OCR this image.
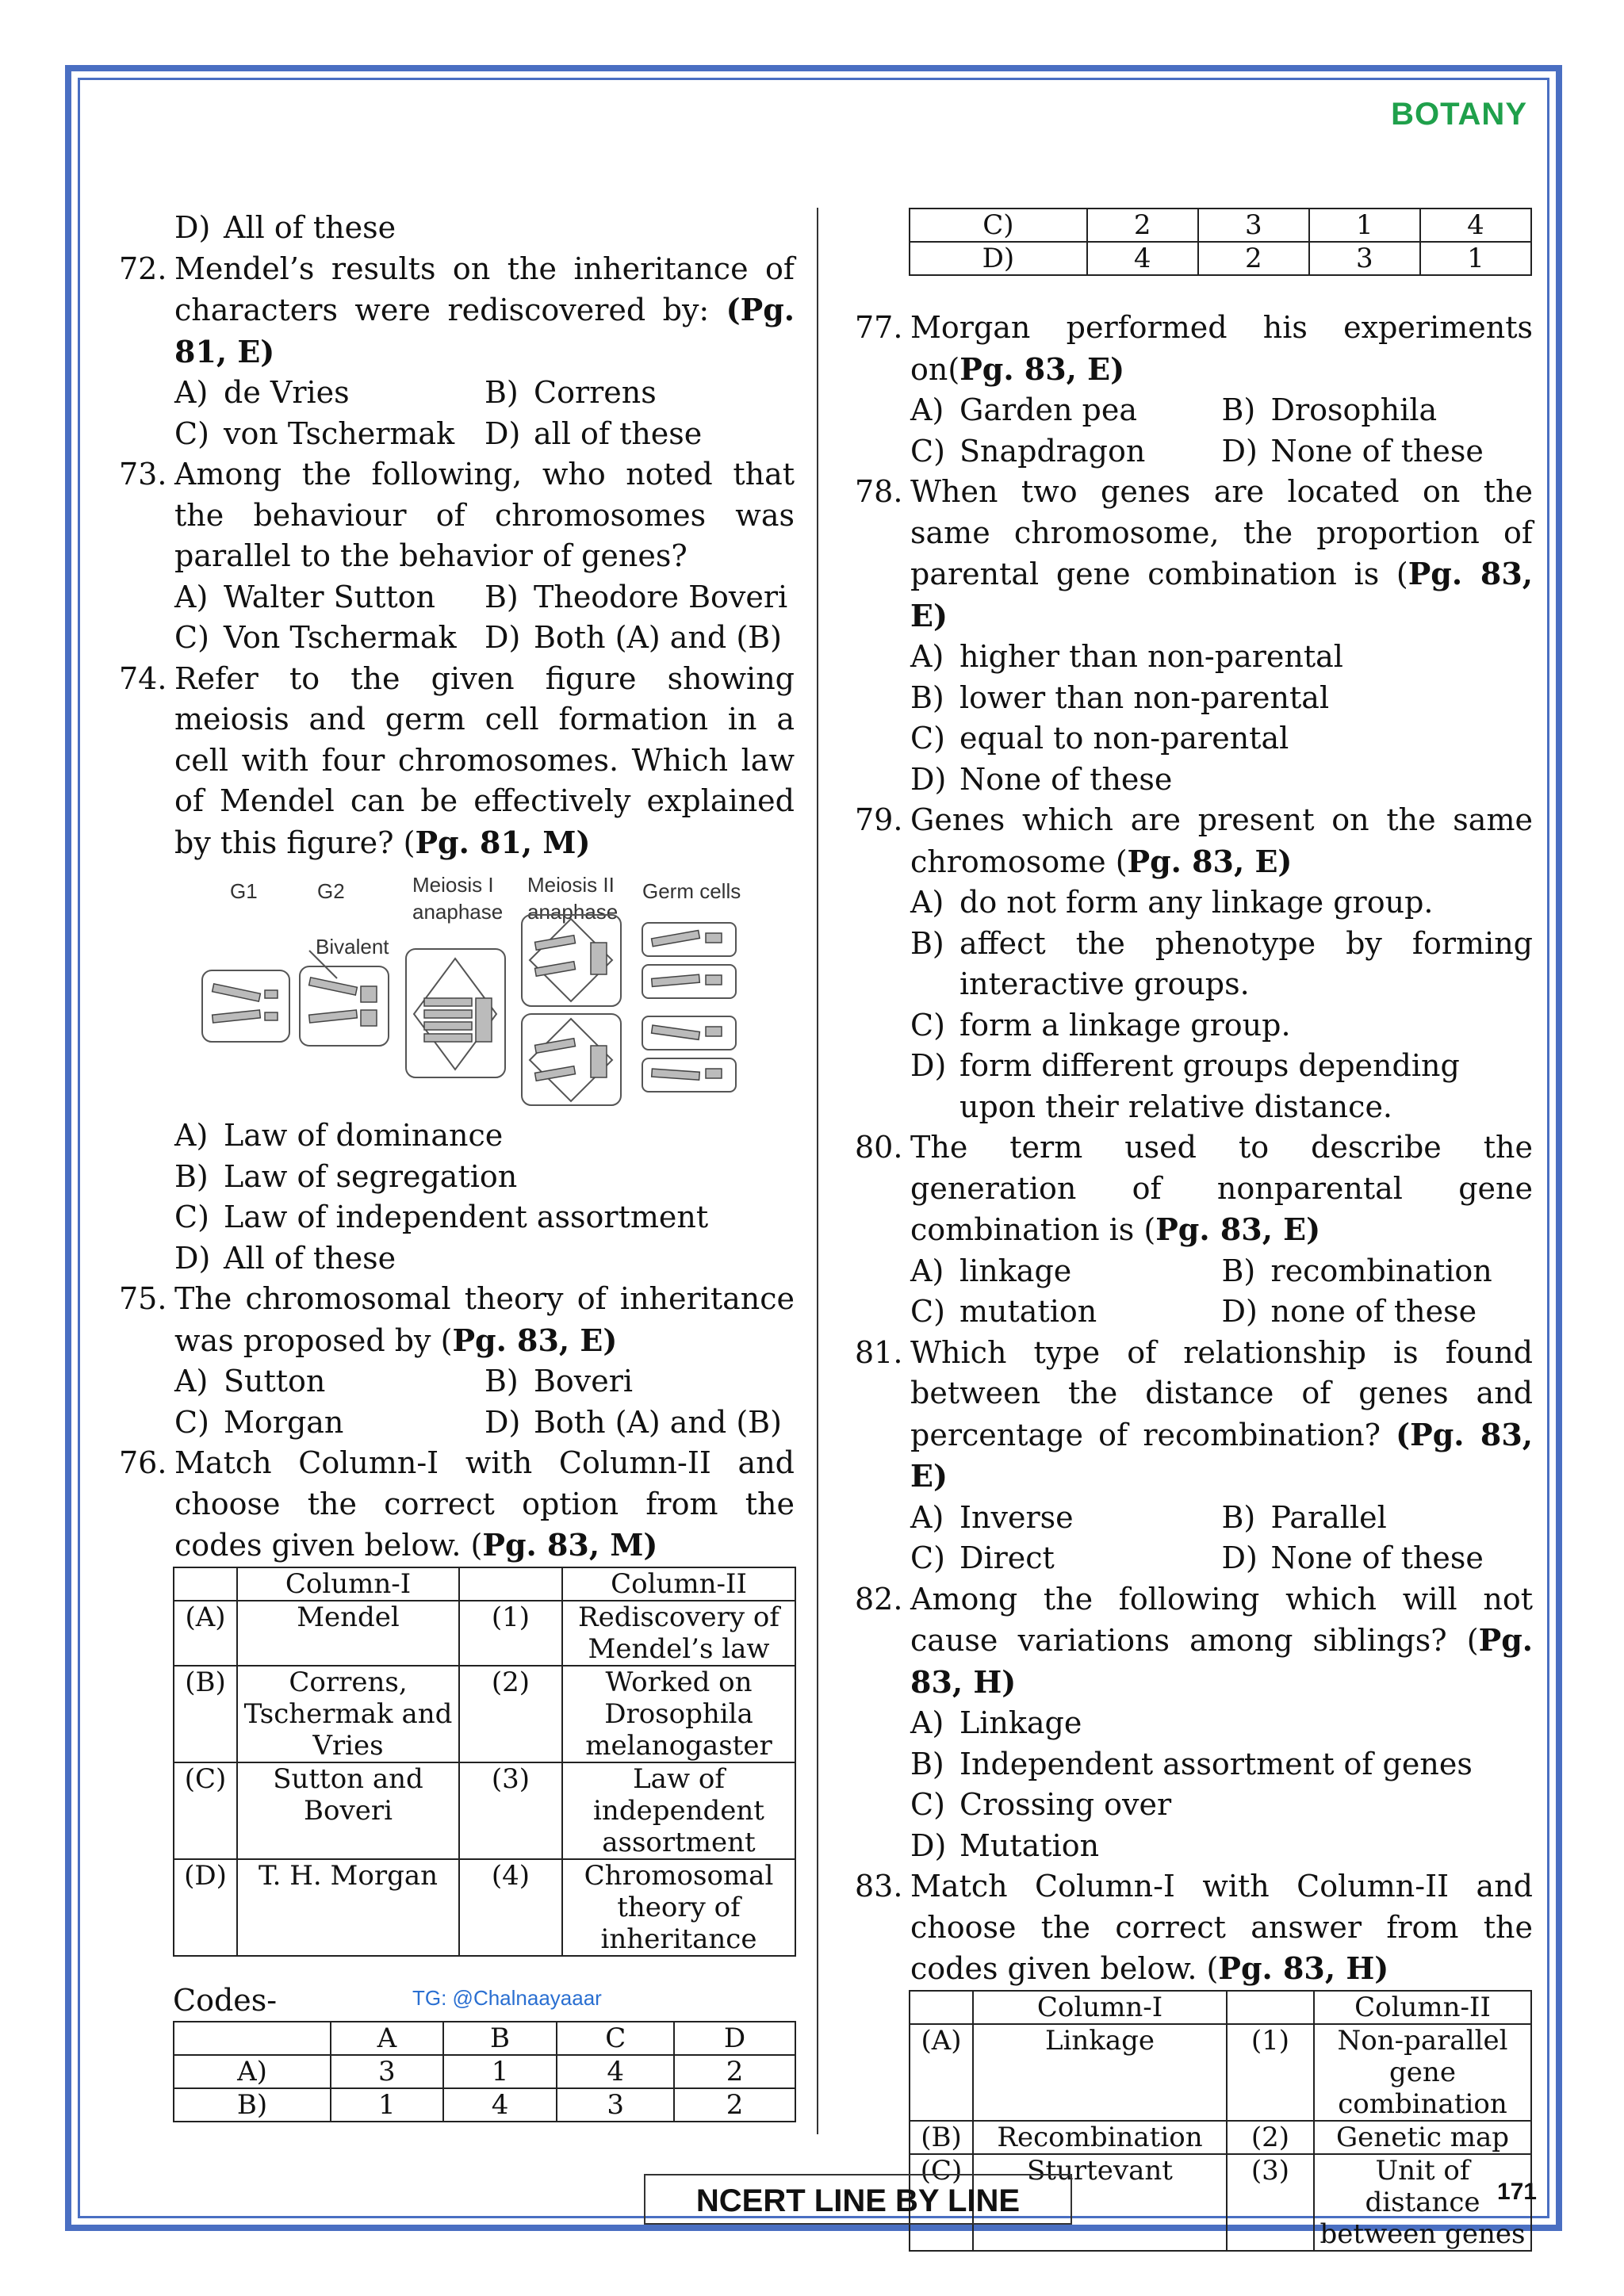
BOTANY
D) All of these
72. Mendel’s results on the inheritance of characters were rediscovered by: (Pg. 81, E)
A) de Vries	B) Correns
C) von Tschermak D) all of these
73. Among the following, who noted that the behaviour of chromosomes was parallel to the behavior of genes?
A) Walter Sutton	B) Theodore Boveri
C) Von Tschermak D) Both (A) and (B)
74. Refer to the given figure showing meiosis and germ cell formation in a cell with four chromosomes. Which law of Mendel can be effectively explained by this figure? (Pg. 81, M)
G1	G2	Meiosis I anaphase
Meiosis II anaphase
Germ cells
Bivalent
A) Law of dominance
B) Law of segregation
C) Law of independent assortment
D) All of these
75. The chromosomal theory of inheritance was proposed by (Pg. 83, E)
A) Sutton	B) Boveri
C) Morgan	D) Both (A) and (B)
76. Match Column-I with Column-II and choose the correct option from the codes given below. (Pg. 83, M)
	Column-I		Column-II
(A)	Mendel	(1)	Rediscovery of Mendel’s law
(B)	Correns, Tschermak and Vries	(2)	Worked on Drosophila melanogaster
(C)	Sutton and Boveri	(3)	Law of independent assortment
(D)	T. H. Morgan	(4)	Chromosomal theory of inheritance
Codes-
	A	B	C	D
A)	3	1	4	2
B)	1	4	3	2
TG: @Chalnaayaaar
C)	2	3	1	4
D)	4	2	3	1
77. Morgan performed his experiments on(Pg. 83, E)
A) Garden pea	B) Drosophila
C) Snapdragon	D) None of these
78. When two genes are located on the same chromosome, the proportion of parental gene combination is (Pg. 83, E)
A) higher than non-parental
B) lower than non-parental
C) equal to non-parental
D) None of these
79. Genes which are present on the same chromosome (Pg. 83, E)
A) do not form any linkage group.
B) affect the phenotype by forming interactive groups.
C) form a linkage group.
D) form different groups depending upon their relative distance.
80. The term used to describe the generation of nonparental gene combination is (Pg. 83, E)
A) linkage	B) recombination
C) mutation	D) none of these
81. Which type of relationship is found between the distance of genes and percentage of recombination? (Pg. 83, E)
A) Inverse	B) Parallel
C) Direct	D) None of these
82. Among the following which will not cause variations among siblings? (Pg. 83, H)
A) Linkage
B) Independent assortment of genes
C) Crossing over
D) Mutation
83. Match Column-I with Column-II and choose the correct answer from the codes given below. (Pg. 83, H)
	Column-I		Column-II
(A)	Linkage	(1)	Non-parallel gene combination
(B)	Recombination	(2)	Genetic map
(C)	Sturtevant	(3)	Unit of distance between genes
NCERT LINE BY LINE	171
